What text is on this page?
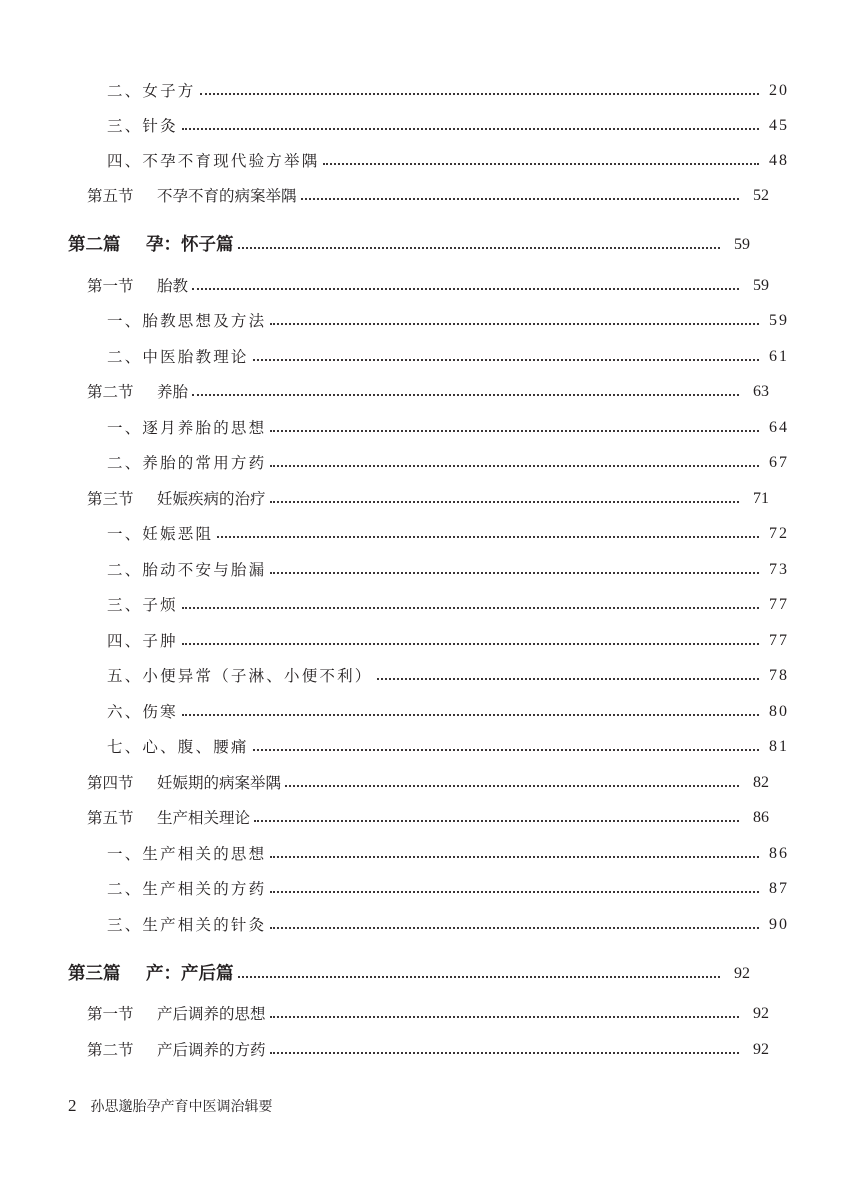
二、女子方	20
三、针灸	45
四、不孕不育现代验方举隅	48
第五节 不孕不育的病案举隅	52
第二篇 孕：怀子篇	59
第一节 胎教	59
一、胎教思想及方法	59
二、中医胎教理论	61
第二节 养胎	63
一、逐月养胎的思想	64
二、养胎的常用方药	67
第三节 妊娠疾病的治疗	71
一、妊娠恶阻	72
二、胎动不安与胎漏	73
三、子烦	77
四、子肿	77
五、小便异常（子淋、小便不利）	78
六、伤寒	80
七、心、腹、腰痛	81
第四节 妊娠期的病案举隅	82
第五节 生产相关理论	86
一、生产相关的思想	86
二、生产相关的方药	87
三、生产相关的针灸	90
第三篇 产：产后篇	92
第一节 产后调养的思想	92
第二节 产后调养的方药	92
2 孙思邈胎孕产育中医调治辑要
